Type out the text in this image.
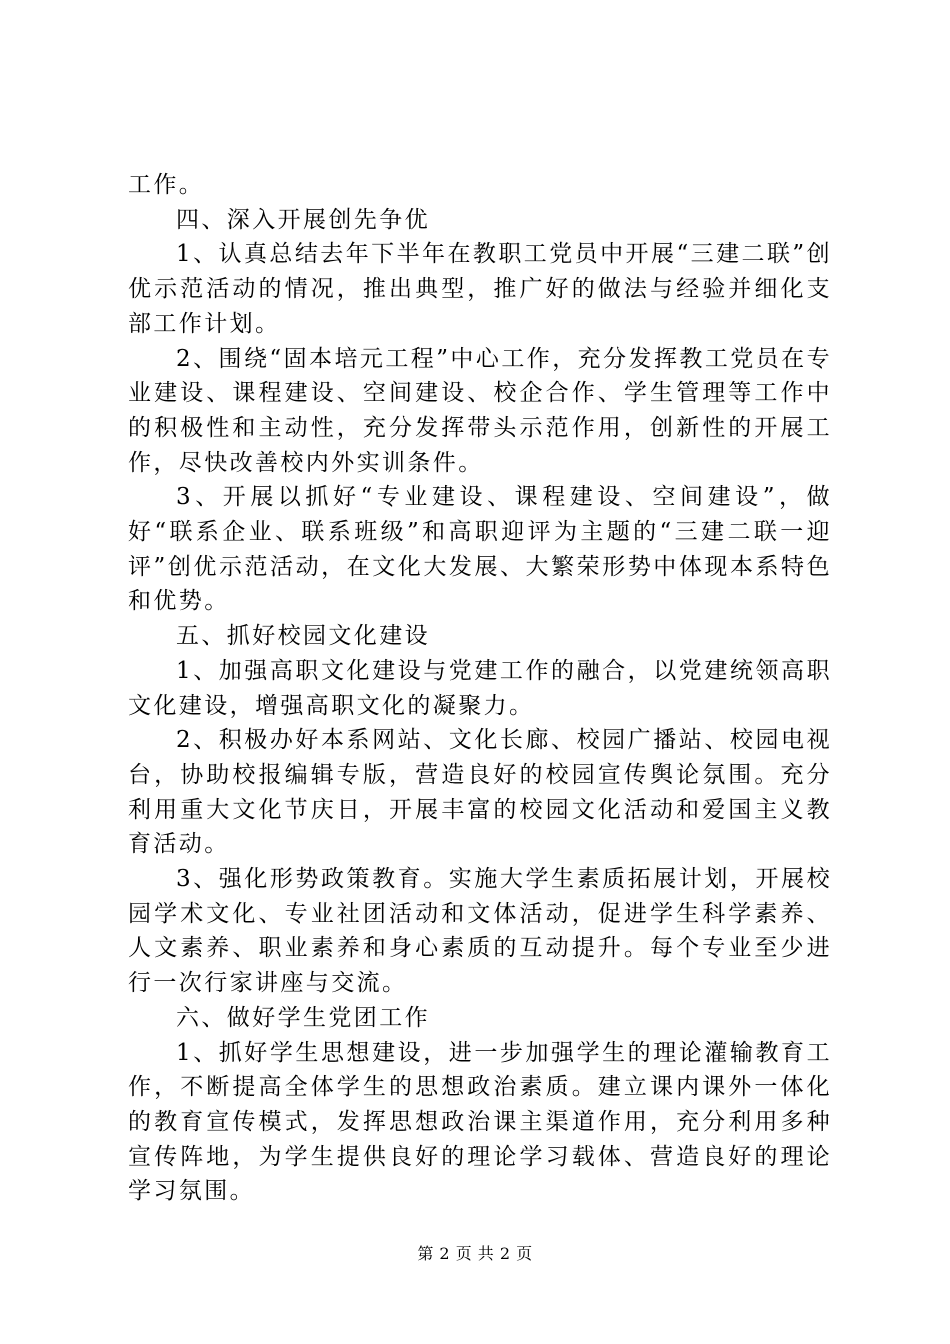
工作。

四、深入开展创先争优

1、认真总结去年下半年在教职工党员中开展“三建二联”创优示范活动的情况，推出典型，推广好的做法与经验并细化支部工作计划。

2、围绕“固本培元工程”中心工作，充分发挥教工党员在专业建设、课程建设、空间建设、校企合作、学生管理等工作中的积极性和主动性，充分发挥带头示范作用，创新性的开展工作，尽快改善校内外实训条件。

3、开展以抓好“专业建设、课程建设、空间建设”，做好“联系企业、联系班级”和高职迎评为主题的“三建二联一迎评”创优示范活动，在文化大发展、大繁荣形势中体现本系特色和优势。

五、抓好校园文化建设

1、加强高职文化建设与党建工作的融合，以党建统领高职文化建设，增强高职文化的凝聚力。

2、积极办好本系网站、文化长廊、校园广播站、校园电视台，协助校报编辑专版，营造良好的校园宣传舆论氛围。充分利用重大文化节庆日，开展丰富的校园文化活动和爱国主义教育活动。

3、强化形势政策教育。实施大学生素质拓展计划，开展校园学术文化、专业社团活动和文体活动，促进学生科学素养、人文素养、职业素养和身心素质的互动提升。每个专业至少进行一次行家讲座与交流。

六、做好学生党团工作

1、抓好学生思想建设，进一步加强学生的理论灌输教育工作，不断提高全体学生的思想政治素质。建立课内课外一体化的教育宣传模式，发挥思想政治课主渠道作用，充分利用多种宣传阵地，为学生提供良好的理论学习载体、营造良好的理论学习氛围。

第 2 页 共 2 页
